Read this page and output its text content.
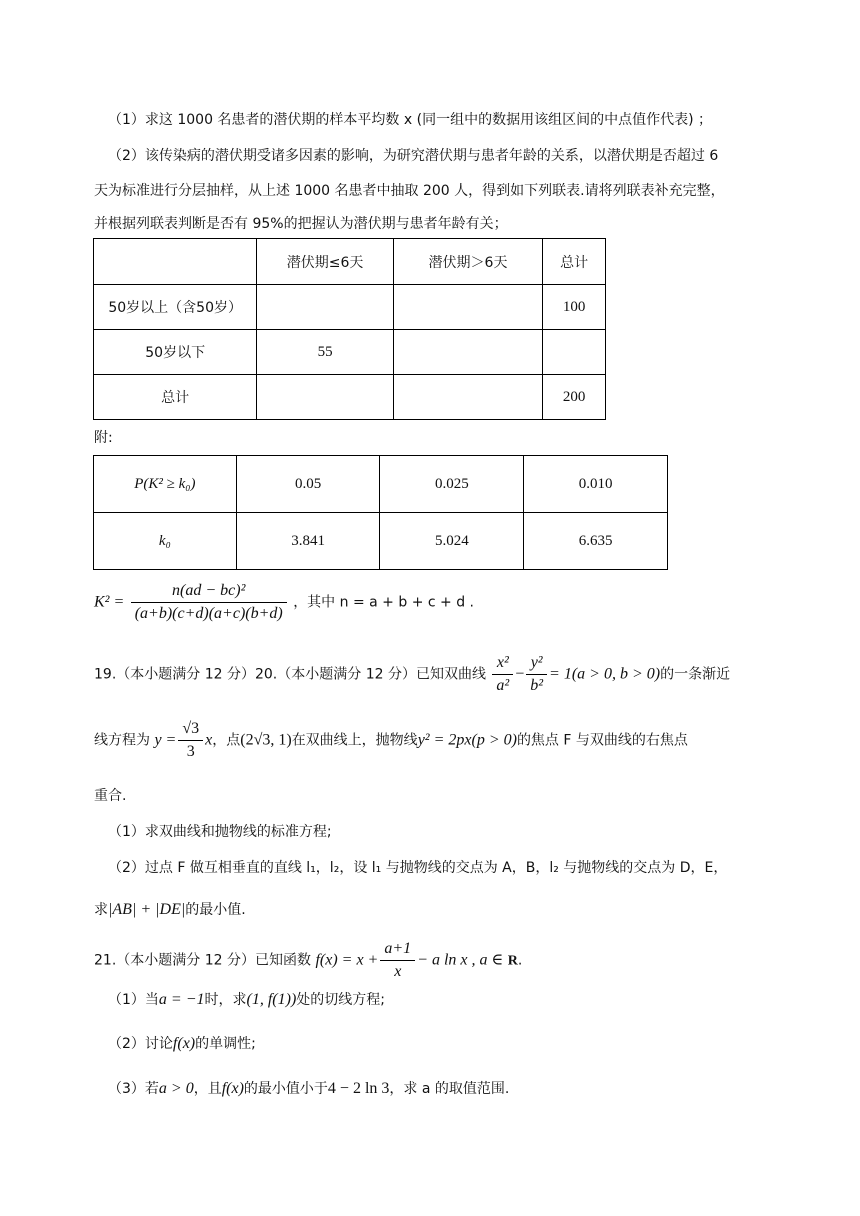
（1）求这 1000 名患者的潜伏期的样本平均数 x (同一组中的数据用该组区间的中点值作代表) ；
（2）该传染病的潜伏期受诸多因素的影响，为研究潜伏期与患者年龄的关系，以潜伏期是否超过 6
天为标准进行分层抽样，从上述 1000 名患者中抽取 200 人，得到如下列联表.请将列联表补充完整，
并根据列联表判断是否有 95%的把握认为潜伏期与患者年龄有关；
	潜伏期≤6天	潜伏期＞6天	总计
50岁以上（含50岁）			100
50岁以下	55		
总计			200
附:
P(K² ≥ k₀)	0.05	0.025	0.010
k₀	3.841	5.024	6.635
$K^2 = \frac{\text{n(ad − bc)²}}{(a+b)(c+d)(a+c)(b+d)}$ ，其中 n = a + b + c + d .
19.（本小题满分 12 分）20.（本小题满分 12 分）已知双曲线 $\frac{\text{x²}}{\text{a²}} - \frac{\text{y²}}{\text{b²}} = 1(a > 0$, b > 0)的一条渐近
线方程为 $y = \frac{√3}{3}$ x，点(2√3, 1)在双曲线上，抛物线y² = 2px(p > 0)的焦点 F 与双曲线的右焦点
重合.
（1）求双曲线和抛物线的标准方程;
（2）过点 F 做互相垂直的直线 l₁，l₂，设 l₁ 与抛物线的交点为 A，B，l₂ 与抛物线的交点为 D，E，
求|AB| + |DE|的最小值.
21.（本小题满分 12 分）已知函数 $f(x) = x + \frac{a+1}{x} - a$ ln x , a ∈ R.
（1）当a = −1时，求(1, f(1))处的切线方程;
（2）讨论f(x)的单调性;
（3）若a > 0，且f(x)的最小值小于4 − 2 ln 3，求 a 的取值范围.
